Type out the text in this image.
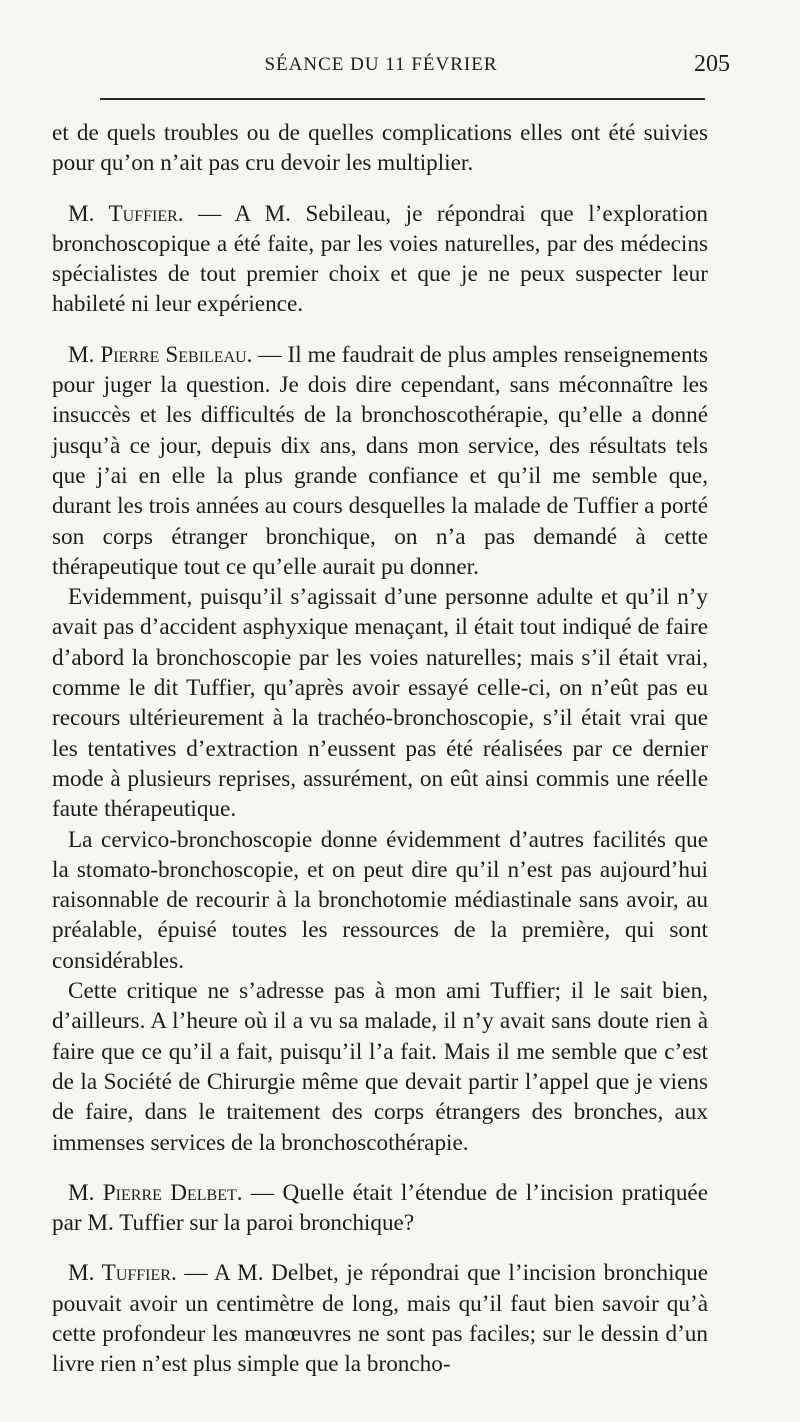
SÉANCE DU 11 FÉVRIER	205

et de quels troubles ou de quelles complications elles ont été suivies pour qu’on n’ait pas cru devoir les multiplier.

M. Tuffier. — A M. Sebileau, je répondrai que l’exploration bronchoscopique a été faite, par les voies naturelles, par des médecins spécialistes de tout premier choix et que je ne peux suspecter leur habileté ni leur expérience.

M. Pierre Sebileau. — Il me faudrait de plus amples renseignements pour juger la question. Je dois dire cependant, sans méconnaître les insuccès et les difficultés de la bronchoscothérapie, qu’elle a donné jusqu’à ce jour, depuis dix ans, dans mon service, des résultats tels que j’ai en elle la plus grande confiance et qu’il me semble que, durant les trois années au cours desquelles la malade de Tuffier a porté son corps étranger bronchique, on n’a pas demandé à cette thérapeutique tout ce qu’elle aurait pu donner.

Evidemment, puisqu’il s’agissait d’une personne adulte et qu’il n’y avait pas d’accident asphyxique menaçant, il était tout indiqué de faire d’abord la bronchoscopie par les voies naturelles; mais s’il était vrai, comme le dit Tuffier, qu’après avoir essayé celle-ci, on n’eût pas eu recours ultérieurement à la trachéo-bronchoscopie, s’il était vrai que les tentatives d’extraction n’eussent pas été réalisées par ce dernier mode à plusieurs reprises, assurément, on eût ainsi commis une réelle faute thérapeutique.

La cervico-bronchoscopie donne évidemment d’autres facilités que la stomato-bronchoscopie, et on peut dire qu’il n’est pas aujourd’hui raisonnable de recourir à la bronchotomie médiastinale sans avoir, au préalable, épuisé toutes les ressources de la première, qui sont considérables.

Cette critique ne s’adresse pas à mon ami Tuffier; il le sait bien, d’ailleurs. A l’heure où il a vu sa malade, il n’y avait sans doute rien à faire que ce qu’il a fait, puisqu’il l’a fait. Mais il me semble que c’est de la Société de Chirurgie même que devait partir l’appel que je viens de faire, dans le traitement des corps étrangers des bronches, aux immenses services de la bronchoscothérapie.

M. Pierre Delbet. — Quelle était l’étendue de l’incision pratiquée par M. Tuffier sur la paroi bronchique?

M. Tuffier. — A M. Delbet, je répondrai que l’incision bronchique pouvait avoir un centimètre de long, mais qu’il faut bien savoir qu’à cette profondeur les manœuvres ne sont pas faciles; sur le dessin d’un livre rien n’est plus simple que la broncho-
